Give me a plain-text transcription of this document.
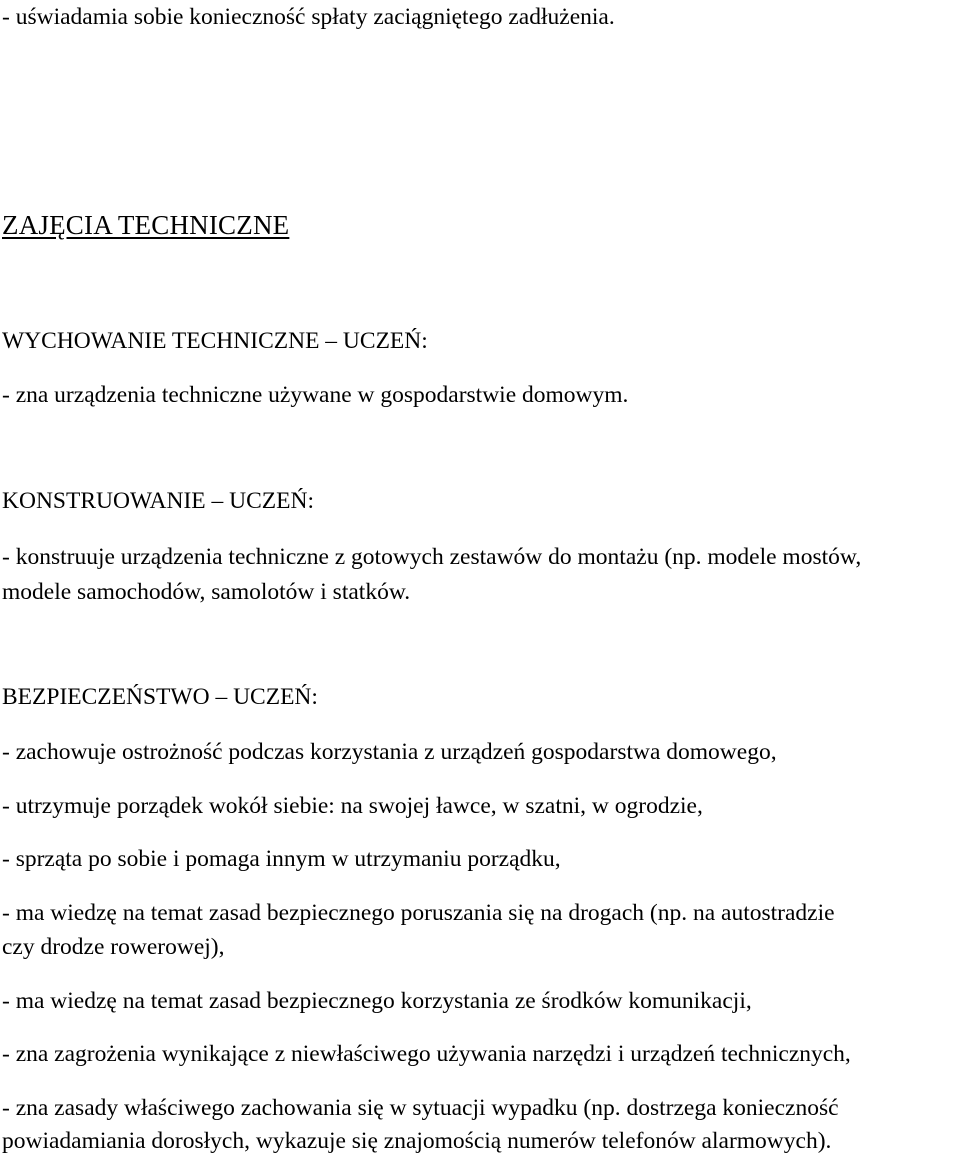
- uświadamia sobie konieczność spłaty zaciągniętego zadłużenia.
ZAJĘCIA TECHNICZNE
WYCHOWANIE TECHNICZNE – UCZEŃ:
- zna urządzenia techniczne używane w gospodarstwie domowym.
KONSTRUOWANIE – UCZEŃ:
- konstruuje urządzenia techniczne z gotowych zestawów do montażu (np. modele mostów,
modele samochodów, samolotów i statków.
BEZPIECZEŃSTWO – UCZEŃ:
- zachowuje ostrożność podczas korzystania z urządzeń gospodarstwa domowego,
- utrzymuje porządek wokół siebie: na swojej ławce, w szatni, w ogrodzie,
- sprząta po sobie i pomaga innym w utrzymaniu porządku,
- ma wiedzę na temat zasad bezpiecznego poruszania się na drogach (np. na autostradzie
czy drodze rowerowej),
- ma wiedzę na temat zasad bezpiecznego korzystania ze środków komunikacji,
- zna zagrożenia wynikające z niewłaściwego używania narzędzi i urządzeń technicznych,
- zna zasady właściwego zachowania się w sytuacji wypadku (np. dostrzega konieczność
powiadamiania dorosłych, wykazuje się znajomością numerów telefonów alarmowych).
